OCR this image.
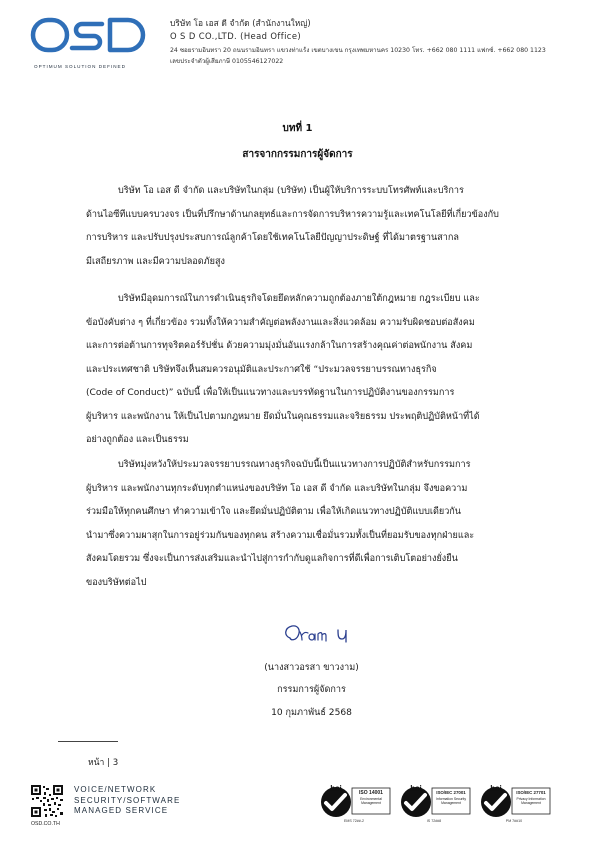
OPTIMUM SOLUTION DEFINED
บริษัท โอ เอส ดี จำกัด (สำนักงานใหญ่)
O S D CO.,LTD. (Head Office)
24 ซอยรามอินทรา 20 ถนนรามอินทรา แขวงท่าแร้ง เขตบางเขน กรุงเทพมหานคร 10230 โทร. +662 080 1111 แฟกซ์. +662 080 1123
เลขประจำตัวผู้เสียภาษี 0105546127022
บทที่ 1
สารจากกรรมการผู้จัดการ
บริษัท โอ เอส ดี จำกัด และบริษัทในกลุ่ม (บริษัท) เป็นผู้ให้บริการระบบโทรศัพท์และบริการ
ด้านไอซีทีแบบครบวงจร เป็นที่ปรึกษาด้านกลยุทธ์และการจัดการบริหารความรู้และเทคโนโลยีที่เกี่ยวข้องกับ
การบริหาร และปรับปรุงประสบการณ์ลูกค้าโดยใช้เทคโนโลยีปัญญาประดิษฐ์ ที่ได้มาตรฐานสากล
มีเสถียรภาพ และมีความปลอดภัยสูง
บริษัทมีอุดมการณ์ในการดำเนินธุรกิจโดยยึดหลักความถูกต้องภายใต้กฎหมาย กฎระเบียบ และ
ข้อบังคับต่าง ๆ ที่เกี่ยวข้อง รวมทั้งให้ความสำคัญต่อพลังงานและสิ่งแวดล้อม ความรับผิดชอบต่อสังคม
และการต่อต้านการทุจริตคอร์รัปชั่น ด้วยความมุ่งมั่นอันแรงกล้าในการสร้างคุณค่าต่อพนักงาน สังคม
และประเทศชาติ บริษัทจึงเห็นสมควรอนุมัติและประกาศใช้ “ประมวลจรรยาบรรณทางธุรกิจ
(Code of Conduct)” ฉบับนี้ เพื่อให้เป็นแนวทางและบรรทัดฐานในการปฏิบัติงานของกรรมการ
ผู้บริหาร และพนักงาน ให้เป็นไปตามกฎหมาย ยึดมั่นในคุณธรรมและจริยธรรม ประพฤติปฏิบัติหน้าที่ได้
อย่างถูกต้อง และเป็นธรรม
บริษัทมุ่งหวังให้ประมวลจรรยาบรรณทางธุรกิจฉบับนี้เป็นแนวทางการปฏิบัติสำหรับกรรมการ
ผู้บริหาร และพนักงานทุกระดับทุกตำแหน่งของบริษัท โอ เอส ดี จำกัด และบริษัทในกลุ่ม จึงขอความ
ร่วมมือให้ทุกคนศึกษา ทำความเข้าใจ และยึดมั่นปฏิบัติตาม เพื่อให้เกิดแนวทางปฏิบัติแบบเดียวกัน
นำมาซึ่งความผาสุกในการอยู่ร่วมกันของทุกคน สร้างความเชื่อมั่นรวมทั้งเป็นที่ยอมรับของทุกฝ่ายและ
สังคมโดยรวม ซึ่งจะเป็นการส่งเสริมและนำไปสู่การกำกับดูแลกิจการที่ดีเพื่อการเติบโตอย่างยั่งยืน
ของบริษัทต่อไป
(นางสาวอรสา ขาวงาม)
กรรมการผู้จัดการ
10 กุมภาพันธ์ 2568
หน้า | 3
OSD.CO.TH
VOICE/NETWORK
SECURITY/SOFTWARE
MANAGED SERVICE
bsi	ISO 14001
Environmental Management
EMS 72##-2
bsi	ISO/IEC 27001
Information Security Management
IS 72##8
bsi	ISO/IEC 27701
Privacy Information Management
PM 7##10
